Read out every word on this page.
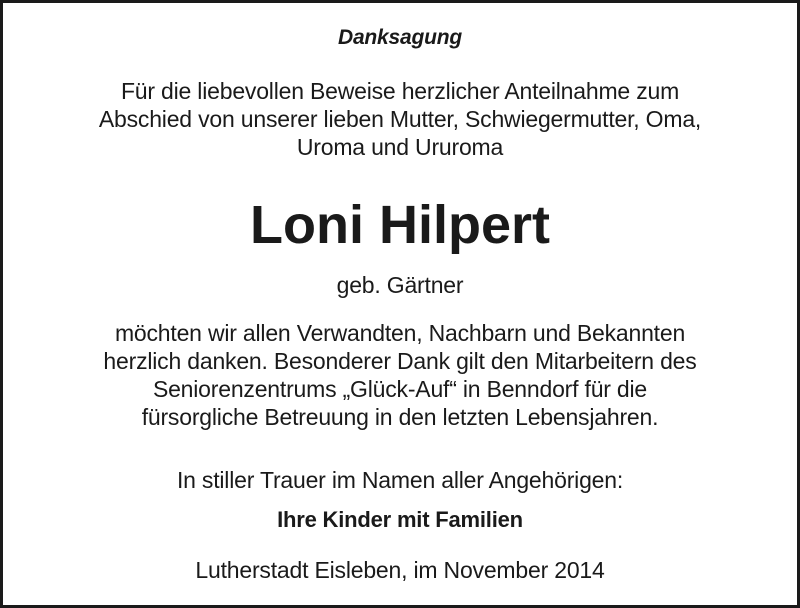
Danksagung

Für die liebevollen Beweise herzlicher Anteilnahme zum

Abschied von unserer lieben Mutter, Schwiegermutter, Oma,

Uroma und Ururoma

Loni Hilpert

geb. Gärtner

möchten wir allen Verwandten, Nachbarn und Bekannten

herzlich danken. Besonderer Dank gilt den Mitarbeitern des

Seniorenzentrums „Glück-Auf“ in Benndorf für die

fürsorgliche Betreuung in den letzten Lebensjahren.

In stiller Trauer im Namen aller Angehörigen:

Ihre Kinder mit Familien

Lutherstadt Eisleben, im November 2014
